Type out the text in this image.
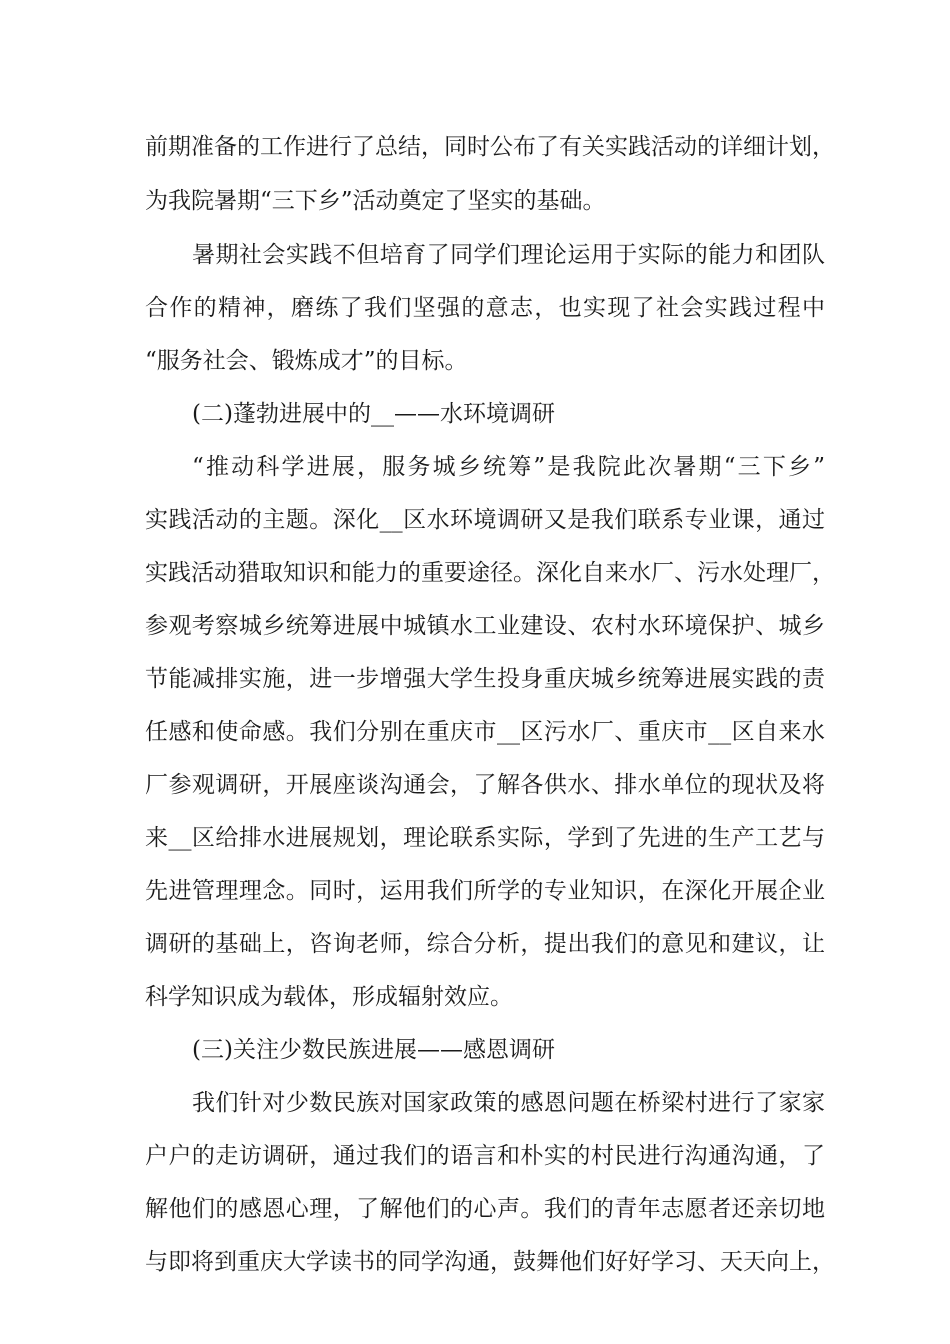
前期准备的工作进行了总结，同时公布了有关实践活动的详细计划，
为我院暑期“三下乡”活动奠定了坚实的基础。
暑期社会实践不但培育了同学们理论运用于实际的能力和团队
合作的精神，磨练了我们坚强的意志，也实现了社会实践过程中
“服务社会、锻炼成才”的目标。
(二)蓬勃进展中的__——水环境调研
“推动科学进展，服务城乡统筹”是我院此次暑期“三下乡”
实践活动的主题。深化__区水环境调研又是我们联系专业课，通过
实践活动猎取知识和能力的重要途径。深化自来水厂、污水处理厂，
参观考察城乡统筹进展中城镇水工业建设、农村水环境保护、城乡
节能减排实施，进一步增强大学生投身重庆城乡统筹进展实践的责
任感和使命感。我们分别在重庆市__区污水厂、重庆市__区自来水
厂参观调研，开展座谈沟通会，了解各供水、排水单位的现状及将
来__区给排水进展规划，理论联系实际，学到了先进的生产工艺与
先进管理理念。同时，运用我们所学的专业知识，在深化开展企业
调研的基础上，咨询老师，综合分析，提出我们的意见和建议，让
科学知识成为载体，形成辐射效应。
(三)关注少数民族进展——感恩调研
我们针对少数民族对国家政策的感恩问题在桥梁村进行了家家
户户的走访调研，通过我们的语言和朴实的村民进行沟通沟通，了
解他们的感恩心理，了解他们的心声。我们的青年志愿者还亲切地
与即将到重庆大学读书的同学沟通，鼓舞他们好好学习、天天向上，
